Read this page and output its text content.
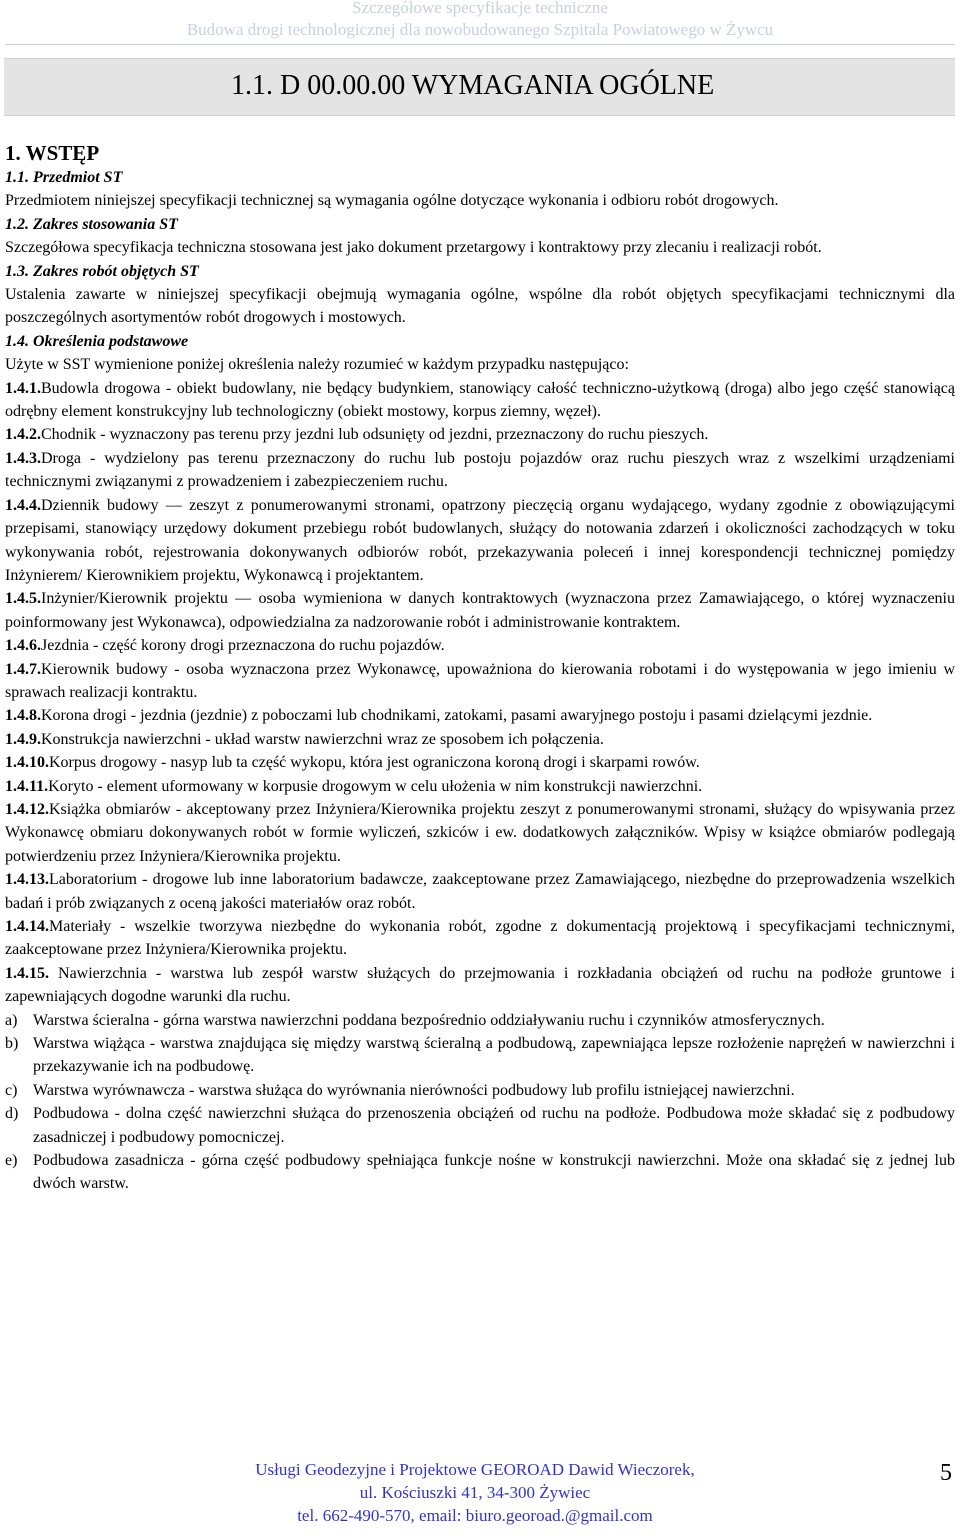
Szczegółowe specyfikacje techniczne
Budowa drogi technologicznej dla nowobudowanego Szpitala Powiatowego w Żywcu
1.1. D 00.00.00 WYMAGANIA OGÓLNE

1. WSTĘP

1.1. Przedmiot ST

Przedmiotem niniejszej specyfikacji technicznej są wymagania ogólne dotyczące wykonania i odbioru robót drogowych.

1.2. Zakres stosowania ST

Szczegółowa specyfikacja techniczna stosowana jest jako dokument przetargowy i kontraktowy przy zlecaniu i realizacji robót.

1.3. Zakres robót objętych ST

Ustalenia zawarte w niniejszej specyfikacji obejmują wymagania ogólne, wspólne dla robót objętych specyfikacjami technicznymi dla poszczególnych asortymentów robót drogowych i mostowych.

1.4. Określenia podstawowe

Użyte w SST wymienione poniżej określenia należy rozumieć w każdym przypadku następująco:

1.4.1.Budowla drogowa - obiekt budowlany, nie będący budynkiem, stanowiący całość techniczno-użytkową (droga) albo jego część stanowiącą odrębny element konstrukcyjny lub technologiczny (obiekt mostowy, korpus ziemny, węzeł).

1.4.2.Chodnik - wyznaczony pas terenu przy jezdni lub odsunięty od jezdni, przeznaczony do ruchu pieszych.

1.4.3.Droga - wydzielony pas terenu przeznaczony do ruchu lub postoju pojazdów oraz ruchu pieszych wraz z wszelkimi urządzeniami technicznymi związanymi z prowadzeniem i zabezpieczeniem ruchu.

1.4.4.Dziennik budowy — zeszyt z ponumerowanymi stronami, opatrzony pieczęcią organu wydającego, wydany zgodnie z obowiązującymi przepisami, stanowiący urzędowy dokument przebiegu robót budowlanych, służący do notowania zdarzeń i okoliczności zachodzących w toku wykonywania robót, rejestrowania dokonywanych odbiorów robót, przekazywania poleceń i innej korespondencji technicznej pomiędzy Inżynierem/ Kierownikiem projektu, Wykonawcą i projektantem.

1.4.5.Inżynier/Kierownik projektu — osoba wymieniona w danych kontraktowych (wyznaczona przez Zamawiającego, o której wyznaczeniu poinformowany jest Wykonawca), odpowiedzialna za nadzorowanie robót i administrowanie kontraktem.

1.4.6.Jezdnia - część korony drogi przeznaczona do ruchu pojazdów.

1.4.7.Kierownik budowy - osoba wyznaczona przez Wykonawcę, upoważniona do kierowania robotami i do występowania w jego imieniu w sprawach realizacji kontraktu.

1.4.8.Korona drogi - jezdnia (jezdnie) z poboczami lub chodnikami, zatokami, pasami awaryjnego postoju i pasami dzielącymi jezdnie.

1.4.9.Konstrukcja nawierzchni - układ warstw nawierzchni wraz ze sposobem ich połączenia.

1.4.10.Korpus drogowy - nasyp lub ta część wykopu, która jest ograniczona koroną drogi i skarpami rowów.

1.4.11.Koryto - element uformowany w korpusie drogowym w celu ułożenia w nim konstrukcji nawierzchni.

1.4.12.Książka obmiarów - akceptowany przez Inżyniera/Kierownika projektu zeszyt z ponumerowanymi stronami, służący do wpisywania przez Wykonawcę obmiaru dokonywanych robót w formie wyliczeń, szkiców i ew. dodatkowych załączników. Wpisy w książce obmiarów podlegają potwierdzeniu przez Inżyniera/Kierownika projektu.

1.4.13.Laboratorium - drogowe lub inne laboratorium badawcze, zaakceptowane przez Zamawiającego, niezbędne do przeprowadzenia wszelkich badań i prób związanych z oceną jakości materiałów oraz robót.

1.4.14.Materiały - wszelkie tworzywa niezbędne do wykonania robót, zgodne z dokumentacją projektową i specyfikacjami technicznymi, zaakceptowane przez Inżyniera/Kierownika projektu.

1.4.15. Nawierzchnia - warstwa lub zespół warstw służących do przejmowania i rozkładania obciążeń od ruchu na podłoże gruntowe i zapewniających dogodne warunki dla ruchu.

a) Warstwa ścieralna - górna warstwa nawierzchni poddana bezpośrednio oddziaływaniu ruchu i czynników atmosferycznych.
b) Warstwa wiążąca - warstwa znajdująca się między warstwą ścieralną a podbudową, zapewniająca lepsze rozłożenie naprężeń w nawierzchni i przekazywanie ich na podbudowę.
c) Warstwa wyrównawcza - warstwa służąca do wyrównania nierówności podbudowy lub profilu istniejącej nawierzchni.
d) Podbudowa - dolna część nawierzchni służąca do przenoszenia obciążeń od ruchu na podłoże. Podbudowa może składać się z podbudowy zasadniczej i podbudowy pomocniczej.
e) Podbudowa zasadnicza - górna część podbudowy spełniająca funkcje nośne w konstrukcji nawierzchni. Może ona składać się z jednej lub dwóch warstw.
Usługi Geodezyjne i Projektowe GEOROAD Dawid Wieczorek,
ul. Kościuszki 41, 34-300 Żywiec
tel. 662-490-570, email: biuro.georoad.@gmail.com
5
